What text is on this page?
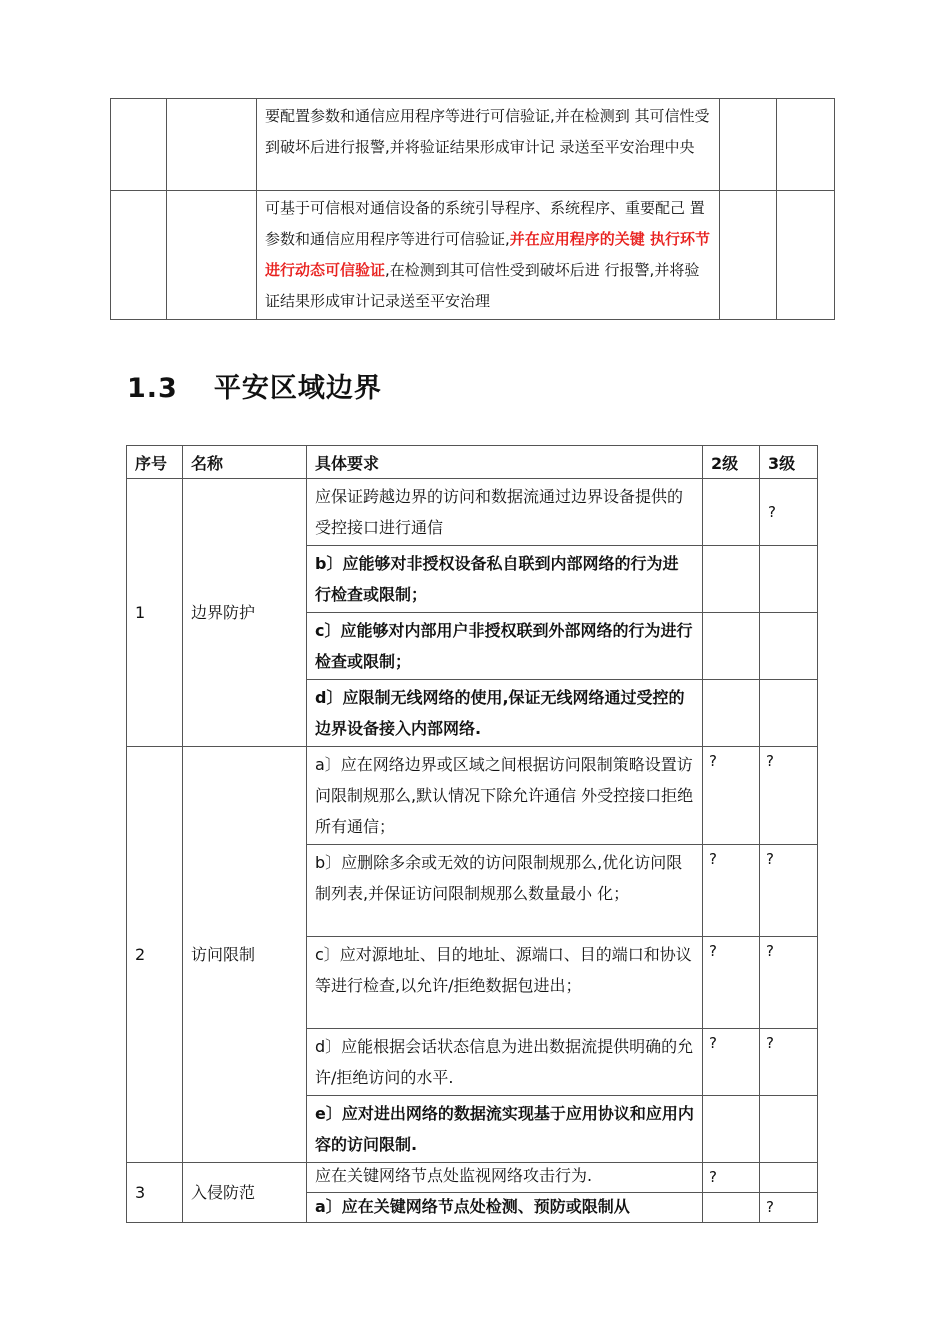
		要配置参数和通信应用程序等进行可信验证,并在检测到 其可信性受到破坏后进行报警,并将验证结果形成审计记 录送至平安治理中央		
		可基于可信根对通信设备的系统引导程序、系统程序、重要配己 置参数和通信应用程序等进行可信验证,并在应用程序的关键 执行环节进行动态可信验证,在检测到其可信性受到破坏后进 行报警,并将验证结果形成审计记录送至平安治理		
1.3 平安区域边界
序号	名称	具体要求	2级	3级
1	边界防护	应保证跨越边界的访问和数据流通过边界设备提供的受控接口进行通信		?
		b〕应能够对非授权设备私自联到内部网络的行为进行检查或限制；		
		c〕应能够对内部用户非授权联到外部网络的行为进行检查或限制；		
		d〕应限制无线网络的使用,保证无线网络通过受控的边界设备接入内部网络.		
2	访问限制	a〕应在网络边界或区域之间根据访问限制策略设置访问限制规那么,默认情况下除允许通信 外受控接口拒绝所有通信；	?	?
		b〕应删除多余或无效的访问限制规那么,优化访问限制列表,并保证访问限制规那么数量最小 化；	?	?
		c〕应对源地址、目的地址、源端口、目的端口和协议等进行检查,以允许/拒绝数据包进出；	?	?
		d〕应能根据会话状态信息为进出数据流提供明确的允许/拒绝访问的水平.	?	?
		e〕应对进出网络的数据流实现基于应用协议和应用内容的访问限制.		
3	入侵防范	应在关键网络节点处监视网络攻击行为.	?	
		a〕应在关键网络节点处检测、预防或限制从		?
